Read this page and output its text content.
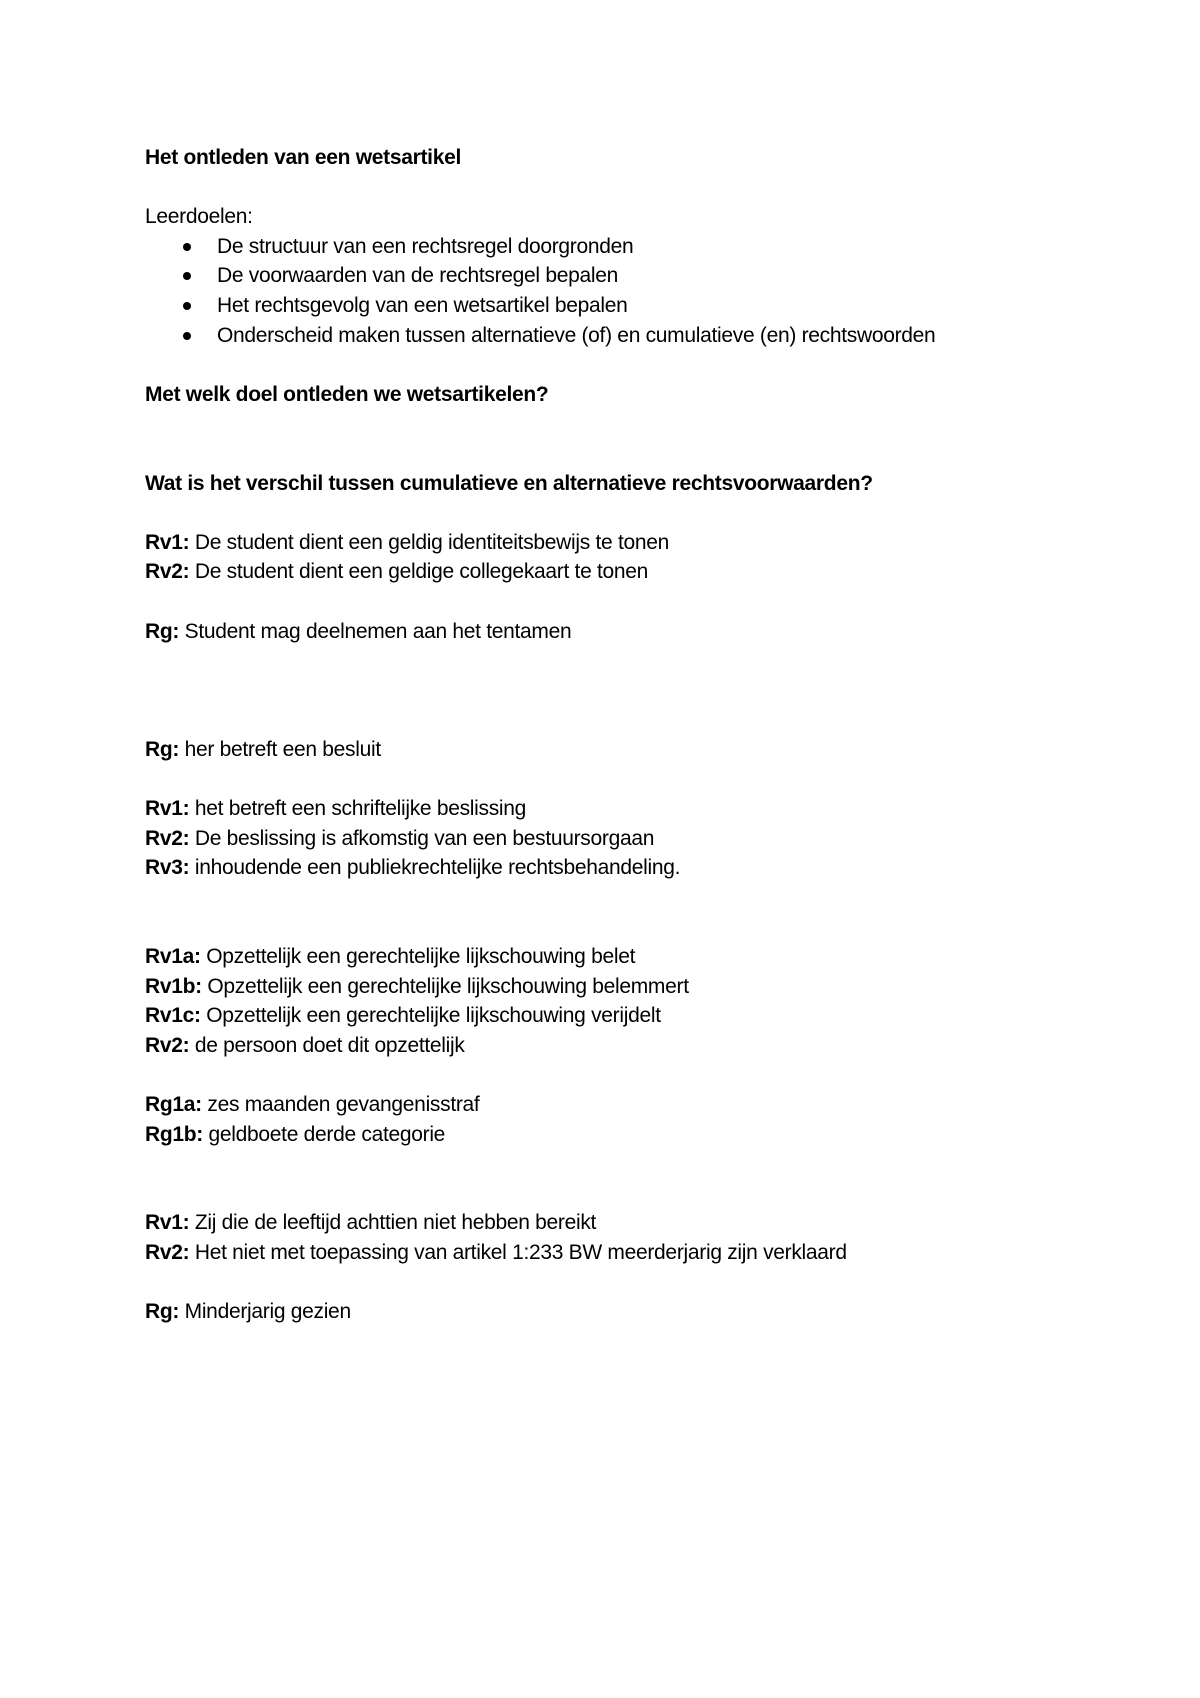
Het ontleden van een wetsartikel
Leerdoelen:
De structuur van een rechtsregel doorgronden
De voorwaarden van de rechtsregel bepalen
Het rechtsgevolg van een wetsartikel bepalen
Onderscheid maken tussen alternatieve (of) en cumulatieve (en) rechtswoorden
Met welk doel ontleden we wetsartikelen?
Wat is het verschil tussen cumulatieve en alternatieve rechtsvoorwaarden?
Rv1: De student dient een geldig identiteitsbewijs te tonen
Rv2: De student dient een geldige collegekaart te tonen
Rg: Student mag deelnemen aan het tentamen
Rg: her betreft een besluit
Rv1: het betreft een schriftelijke beslissing
Rv2: De beslissing is afkomstig van een bestuursorgaan
Rv3: inhoudende een publiekrechtelijke rechtsbehandeling.
Rv1a: Opzettelijk een gerechtelijke lijkschouwing belet
Rv1b: Opzettelijk een gerechtelijke lijkschouwing belemmert
Rv1c: Opzettelijk een gerechtelijke lijkschouwing verijdelt
Rv2: de persoon doet dit opzettelijk
Rg1a: zes maanden gevangenisstraf
Rg1b: geldboete derde categorie
Rv1: Zij die de leeftijd achttien niet hebben bereikt
Rv2: Het niet met toepassing van artikel 1:233 BW meerderjarig zijn verklaard
Rg: Minderjarig gezien
